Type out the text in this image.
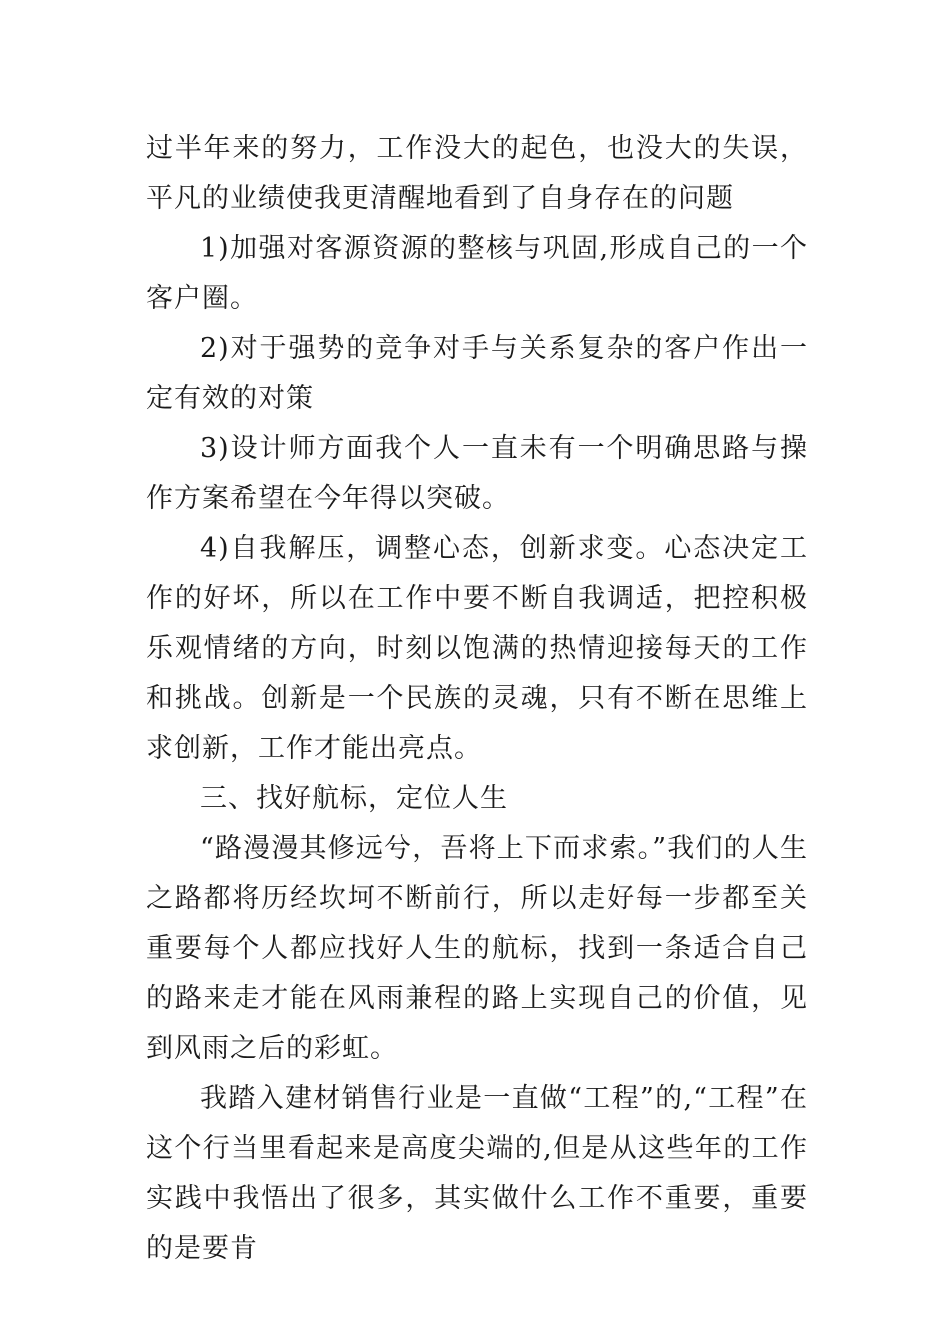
过半年来的努力，工作没大的起色，也没大的失误，平凡的业绩使我更清醒地看到了自身存在的问题

1)加强对客源资源的整核与巩固,形成自己的一个客户圈。

2)对于强势的竞争对手与关系复杂的客户作出一定有效的对策

3)设计师方面我个人一直未有一个明确思路与操作方案希望在今年得以突破。

4)自我解压，调整心态，创新求变。心态决定工作的好坏，所以在工作中要不断自我调适，把控积极乐观情绪的方向，时刻以饱满的热情迎接每天的工作和挑战。创新是一个民族的灵魂，只有不断在思维上求创新，工作才能出亮点。

三、找好航标，定位人生

“路漫漫其修远兮，吾将上下而求索。”我们的人生之路都将历经坎坷不断前行，所以走好每一步都至关重要每个人都应找好人生的航标，找到一条适合自己的路来走才能在风雨兼程的路上实现自己的价值，见到风雨之后的彩虹。

我踏入建材销售行业是一直做“工程”的,“工程”在这个行当里看起来是高度尖端的,但是从这些年的工作实践中我悟出了很多，其实做什么工作不重要，重要的是要肯
